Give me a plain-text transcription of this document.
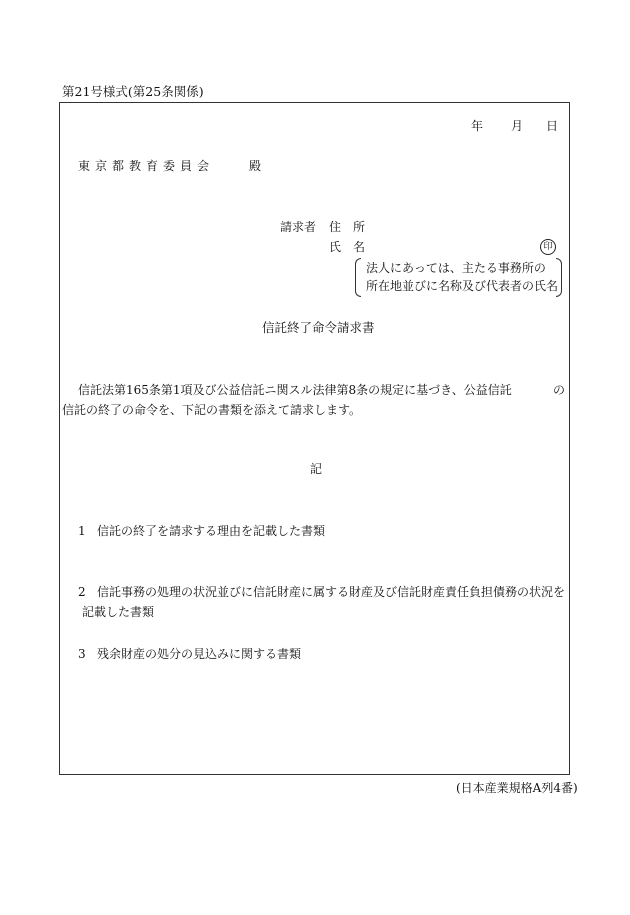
第21号様式(第25条関係)
年 月 日
東京都教育委員会	殿
請求者 住　所
氏　名	印
法人にあっては、主たる事務所の
所在地並びに名称及び代表者の氏名
信託終了命令請求書
信託法第165条第1項及び公益信託ニ関スル法律第8条の規定に基づき、公益信託	の
信託の終了の命令を、下記の書類を添えて請求します。
記
1 信託の終了を請求する理由を記載した書類
2 信託事務の処理の状況並びに信託財産に属する財産及び信託財産責任負担債務の状況を
記載した書類
3 残余財産の処分の見込みに関する書類
(日本産業規格A列4番)
